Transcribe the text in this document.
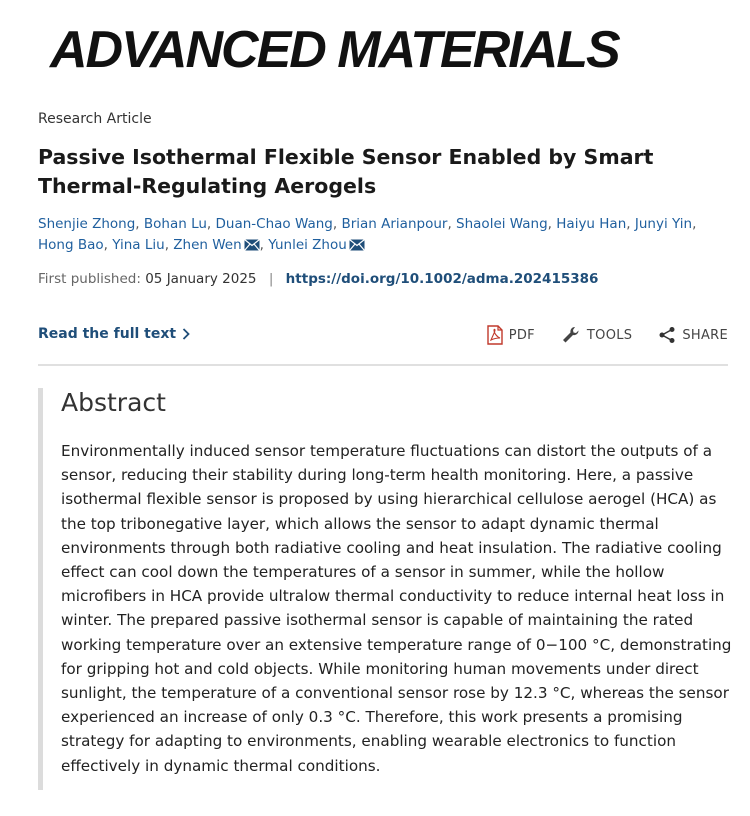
ADVANCED MATERIALS
Research Article
Passive Isothermal Flexible Sensor Enabled by Smart Thermal-Regulating Aerogels
Shenjie Zhong, Bohan Lu, Duan-Chao Wang, Brian Arianpour, Shaolei Wang, Haiyu Han, Junyi Yin,
Hong Bao, Yina Liu, Zhen Wen , Yunlei Zhou
First published: 05 January 2025 | https://doi.org/10.1002/adma.202415386
Read the full text	PDF	TOOLS	SHARE
Abstract
Environmentally induced sensor temperature fluctuations can distort the outputs of a sensor, reducing their stability during long-term health monitoring. Here, a passive isothermal flexible sensor is proposed by using hierarchical cellulose aerogel (HCA) as the top tribonegative layer, which allows the sensor to adapt dynamic thermal environments through both radiative cooling and heat insulation. The radiative cooling effect can cool down the temperatures of a sensor in summer, while the hollow microfibers in HCA provide ultralow thermal conductivity to reduce internal heat loss in winter. The prepared passive isothermal sensor is capable of maintaining the rated working temperature over an extensive temperature range of 0−100 °C, demonstrating for gripping hot and cold objects. While monitoring human movements under direct sunlight, the temperature of a conventional sensor rose by 12.3 °C, whereas the sensor experienced an increase of only 0.3 °C. Therefore, this work presents a promising strategy for adapting to environments, enabling wearable electronics to function effectively in dynamic thermal conditions.
